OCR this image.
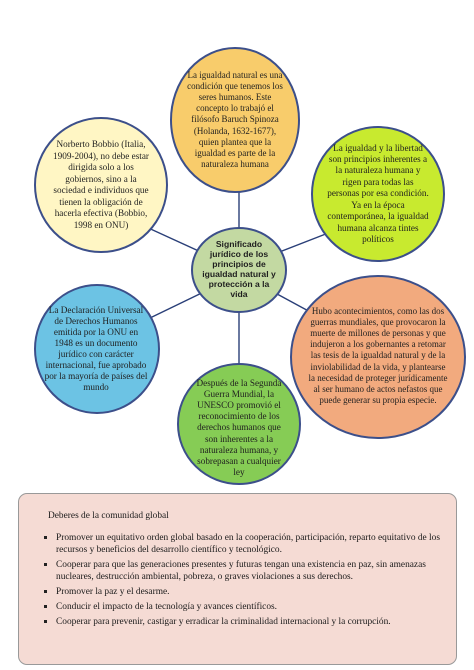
La igualdad natural es una condición que tenemos los seres humanos. Este concepto lo trabajó el filósofo Baruch Spinoza (Holanda, 1632-1677), quien plantea que la igualdad es parte de la naturaleza humana
Norberto Bobbio (Italia, 1909-2004), no debe estar dirigida solo a los gobiernos, sino a la sociedad e individuos que tienen la obligación de hacerla efectiva (Bobbio, 1998 en ONU)
La igualdad y la libertad son principios inherentes a la naturaleza humana y rigen para todas las personas por esa condición. Ya en la época contemporánea, la igualdad humana alcanza tintes políticos
Significado jurídico de los principios de igualdad natural y protección a la vida
La Declaración Universal de Derechos Humanos emitida por la ONU en 1948 es un documento jurídico con carácter internacional, fue aprobado por la mayoría de países del mundo
Hubo acontecimientos, como las dos guerras mundiales, que provocaron la muerte de millones de personas y que indujeron a los gobernantes a retomar las tesis de la igualdad natural y de la inviolabilidad de la vida, y plantearse la necesidad de proteger jurídicamente al ser humano de actos nefastos que puede generar su propia especie.
Después de la Segunda Guerra Mundial, la UNESCO promovió el reconocimiento de los derechos humanos que son inherentes a la naturaleza humana, y sobrepasan a cualquier ley
Deberes de la comunidad global
Promover un equitativo orden global basado en la cooperación, participación, reparto equitativo de los recursos y beneficios del desarrollo científico y tecnológico.
Cooperar para que las generaciones presentes y futuras tengan una existencia en paz, sin amenazas nucleares, destrucción ambiental, pobreza, o graves violaciones a sus derechos.
Promover la paz y el desarme.
Conducir el impacto de la tecnología y avances científicos.
Cooperar para prevenir, castigar y erradicar la criminalidad internacional y la corrupción.
